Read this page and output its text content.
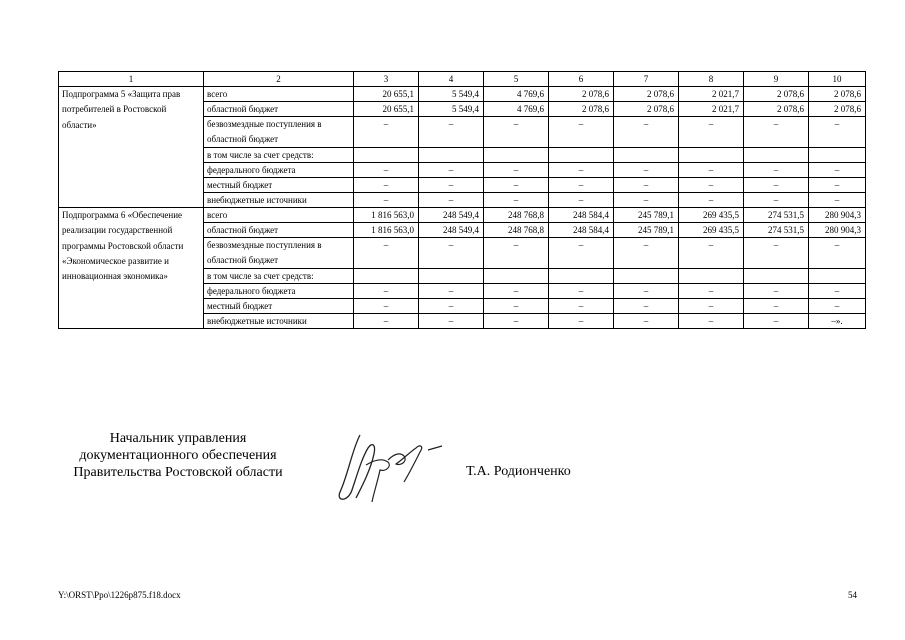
1	2	3	4	5	6	7	8	9	10
Подпрограмма 5 «Защита прав потребителей в Ростовской области»	всего	20 655,1	5 549,4	4 769,6	2 078,6	2 078,6	2 021,7	2 078,6	2 078,6
	областной бюджет	20 655,1	5 549,4	4 769,6	2 078,6	2 078,6	2 021,7	2 078,6	2 078,6
	безвозмездные поступления в областной бюджет	–	–	–	–	–	–	–	–
	в том числе за счет средств:								
	федерального бюджета	–	–	–	–	–	–	–	–
	местный бюджет	–	–	–	–	–	–	–	–
	внебюджетные источники	–	–	–	–	–	–	–	–
Подпрограмма 6 «Обеспечение реализации государственной программы Ростовской области «Экономическое развитие и инновационная экономика»	всего	1 816 563,0	248 549,4	248 768,8	248 584,4	245 789,1	269 435,5	274 531,5	280 904,3
	областной бюджет	1 816 563,0	248 549,4	248 768,8	248 584,4	245 789,1	269 435,5	274 531,5	280 904,3
	безвозмездные поступления в областной бюджет	–	–	–	–	–	–	–	–
	в том числе за счет средств:								
	федерального бюджета	–	–	–	–	–	–	–	–
	местный бюджет	–	–	–	–	–	–	–	–
	внебюджетные источники	–	–	–	–	–	–	–	–».
Начальник управления
документационного обеспечения
Правительства Ростовской области	Т.А. Родионченко
Y:\ORST\Ppo\1226p875.f18.docx	54
